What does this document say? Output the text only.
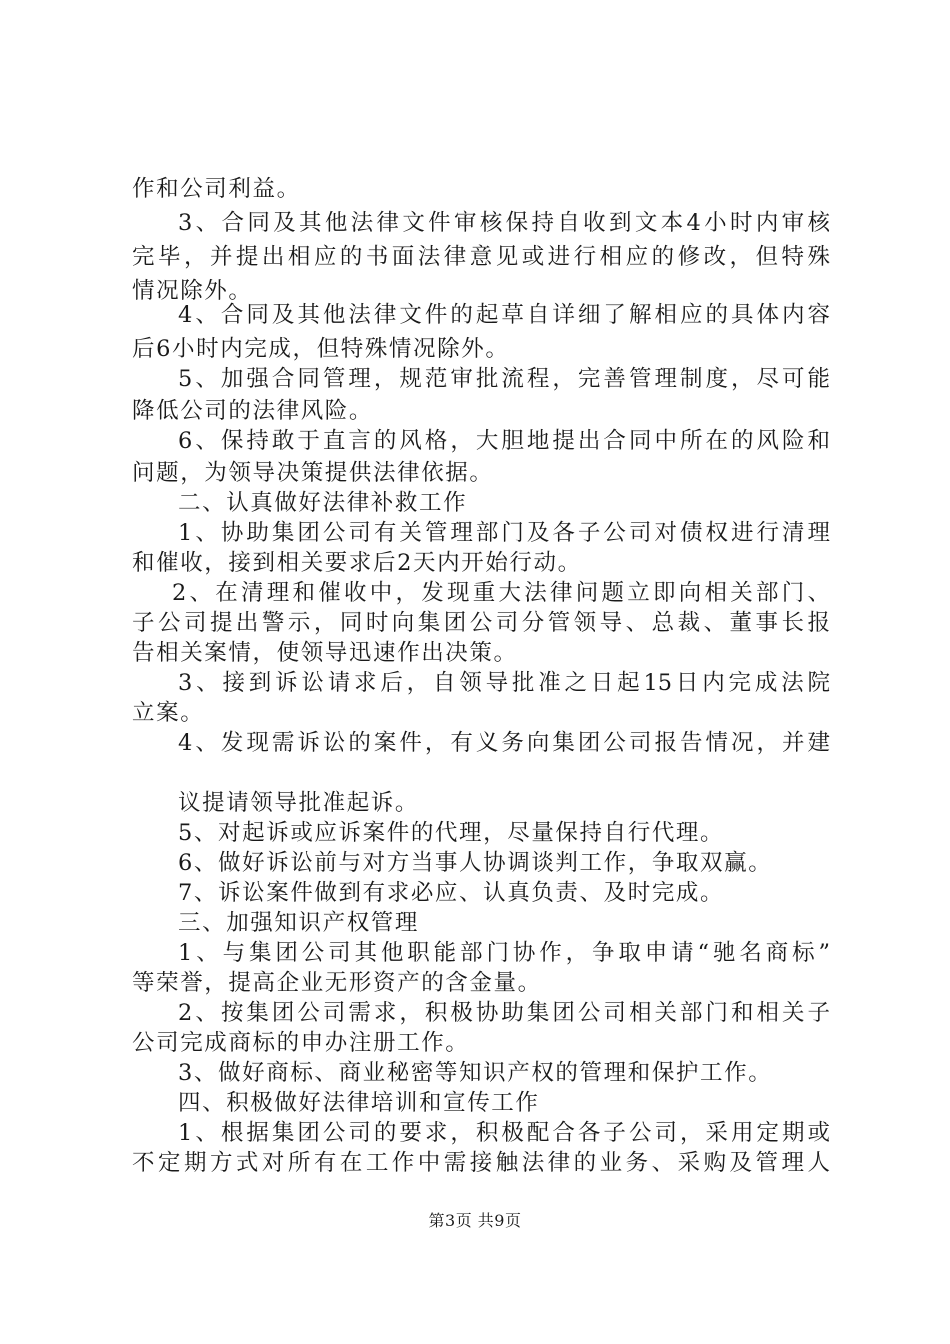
作和公司利益。
3、合同及其他法律文件审核保持自收到文本4小时内审核
完毕，并提出相应的书面法律意见或进行相应的修改，但特殊
情况除外。
4、合同及其他法律文件的起草自详细了解相应的具体内容
后6小时内完成，但特殊情况除外。
5、加强合同管理，规范审批流程，完善管理制度，尽可能
降低公司的法律风险。
6、保持敢于直言的风格，大胆地提出合同中所在的风险和
问题，为领导决策提供法律依据。
二、认真做好法律补救工作
1、协助集团公司有关管理部门及各子公司对债权进行清理
和催收，接到相关要求后2天内开始行动。
2、在清理和催收中，发现重大法律问题立即向相关部门、
子公司提出警示，同时向集团公司分管领导、总裁、董事长报
告相关案情，使领导迅速作出决策。
3、接到诉讼请求后，自领导批准之日起15日内完成法院
立案。
4、发现需诉讼的案件，有义务向集团公司报告情况，并建
议提请领导批准起诉。
5、对起诉或应诉案件的代理，尽量保持自行代理。
6、做好诉讼前与对方当事人协调谈判工作，争取双赢。
7、诉讼案件做到有求必应、认真负责、及时完成。
三、加强知识产权管理
1、与集团公司其他职能部门协作，争取申请“驰名商标”
等荣誉，提高企业无形资产的含金量。
2、按集团公司需求，积极协助集团公司相关部门和相关子
公司完成商标的申办注册工作。
3、做好商标、商业秘密等知识产权的管理和保护工作。
四、积极做好法律培训和宣传工作
1、根据集团公司的要求，积极配合各子公司，采用定期或
不定期方式对所有在工作中需接触法律的业务、采购及管理人
第3页 共9页
